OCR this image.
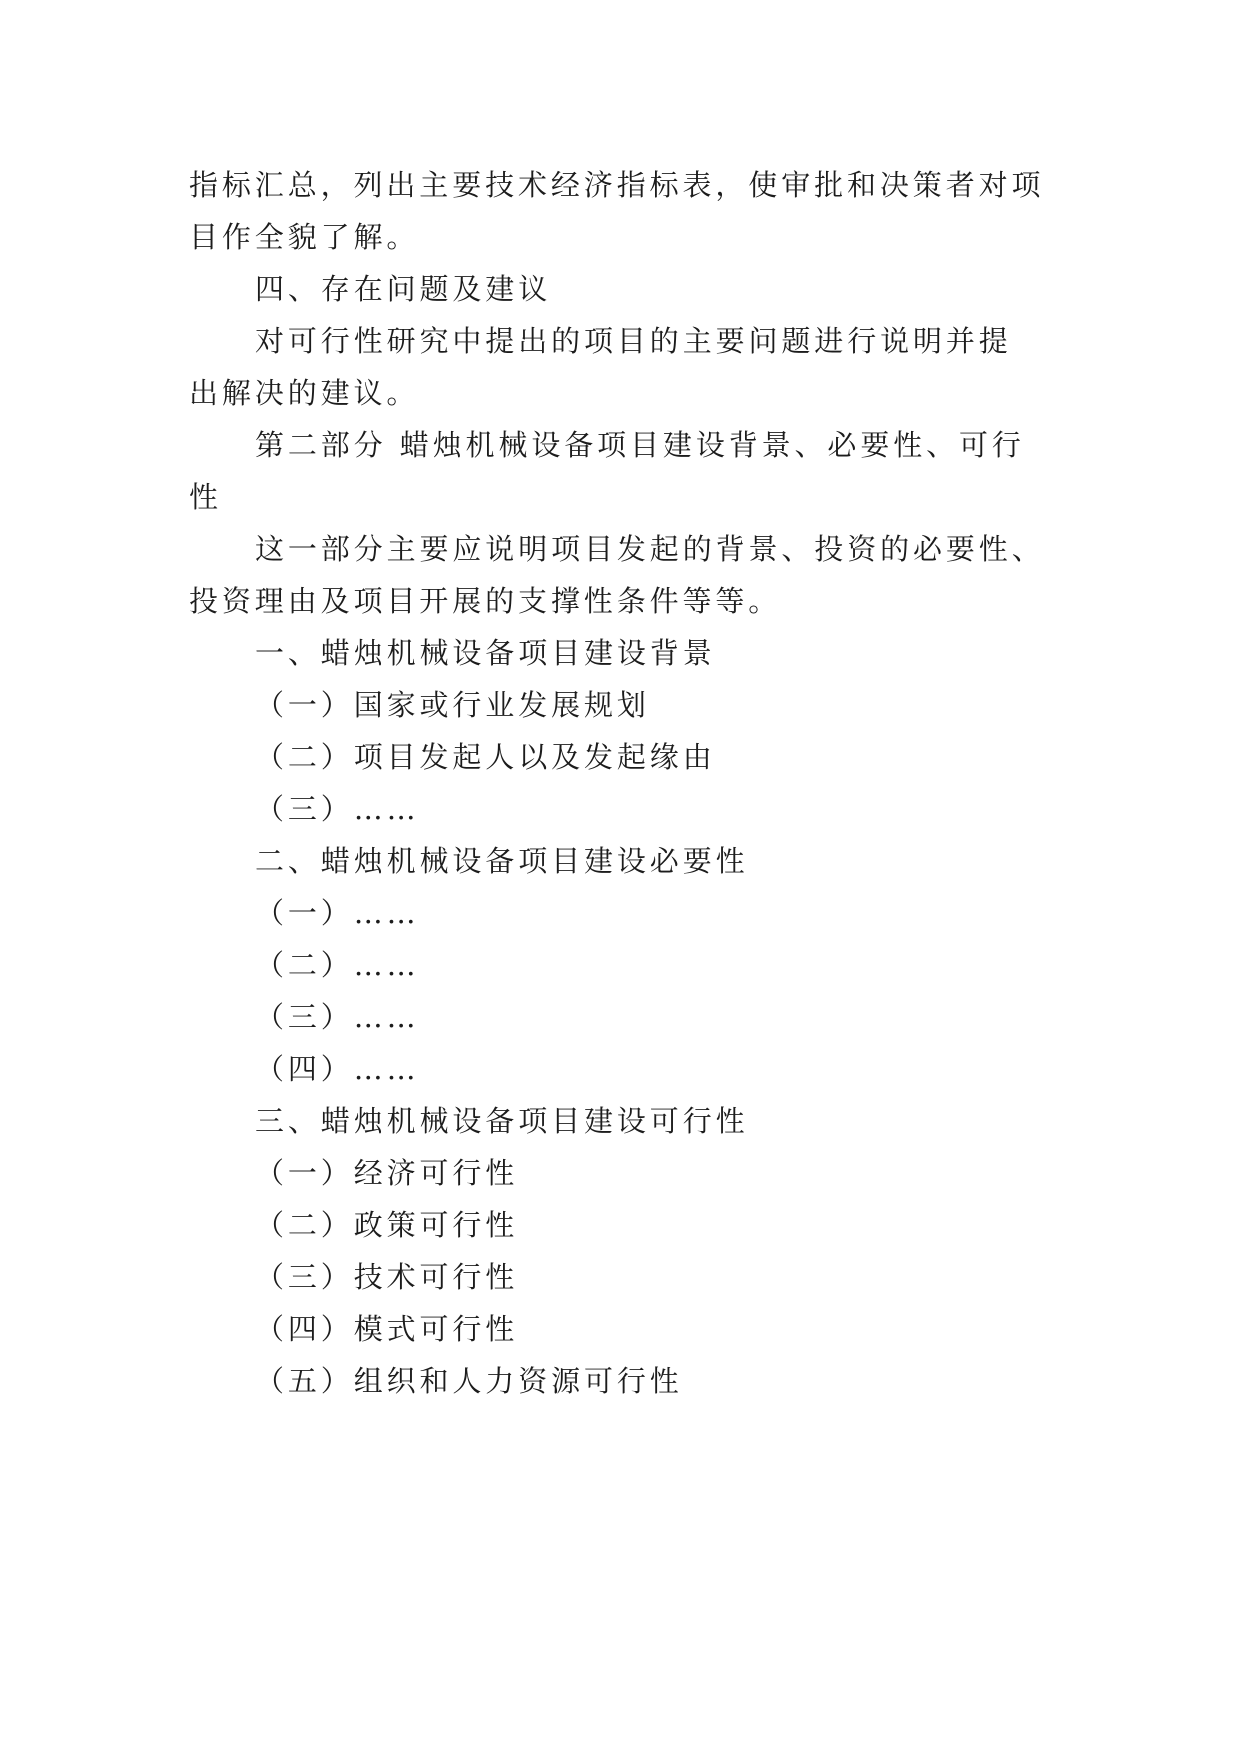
指标汇总，列出主要技术经济指标表，使审批和决策者对项
目作全貌了解。
四、存在问题及建议
对可行性研究中提出的项目的主要问题进行说明并提
出解决的建议。
第二部分 蜡烛机械设备项目建设背景、必要性、可行
性
这一部分主要应说明项目发起的背景、投资的必要性、
投资理由及项目开展的支撑性条件等等。
一、蜡烛机械设备项目建设背景
（一）国家或行业发展规划
（二）项目发起人以及发起缘由
（三）……
二、蜡烛机械设备项目建设必要性
（一）……
（二）……
（三）……
（四）……
三、蜡烛机械设备项目建设可行性
（一）经济可行性
（二）政策可行性
（三）技术可行性
（四）模式可行性
（五）组织和人力资源可行性
